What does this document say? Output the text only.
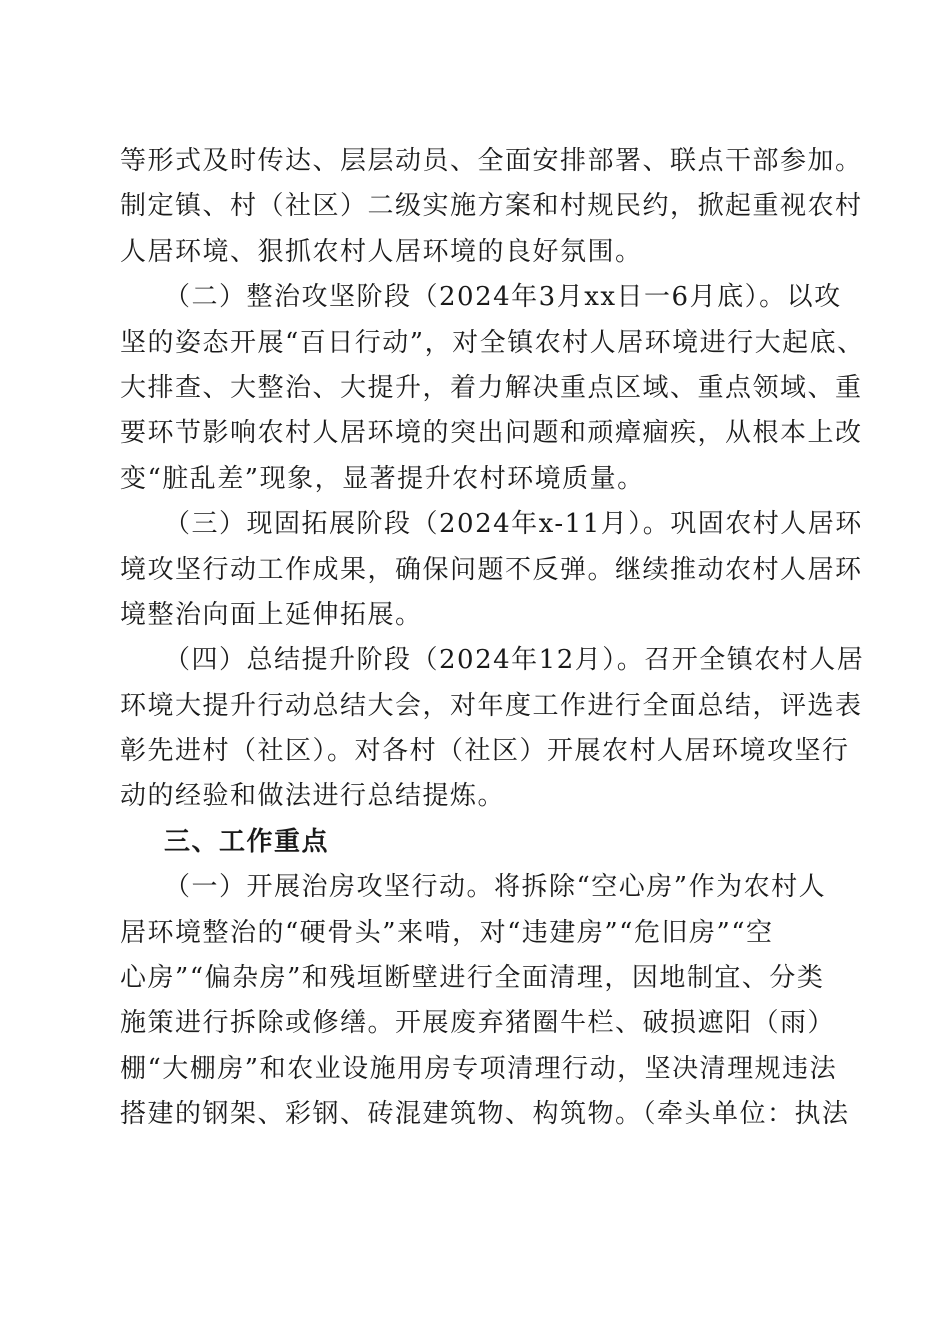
等形式及时传达、层层动员、全面安排部署、联点干部参加。
制定镇、村（社区）二级实施方案和村规民约，掀起重视农村
人居环境、狠抓农村人居环境的良好氛围。
（二）整治攻坚阶段（2024年3月xx日一6月底）。以攻
坚的姿态开展“百日行动”，对全镇农村人居环境进行大起底、
大排查、大整治、大提升，着力解决重点区域、重点领域、重
要环节影响农村人居环境的突出问题和顽瘴痼疾，从根本上改
变“脏乱差”现象，显著提升农村环境质量。
（三）现固拓展阶段（2024年x-11月）。巩固农村人居环
境攻坚行动工作成果，确保问题不反弹。继续推动农村人居环
境整治向面上延伸拓展。
（四）总结提升阶段（2024年12月）。召开全镇农村人居
环境大提升行动总结大会，对年度工作进行全面总结，评选表
彰先进村（社区）。对各村（社区）开展农村人居环境攻坚行
动的经验和做法进行总结提炼。
三、工作重点
（一）开展治房攻坚行动。将拆除“空心房”作为农村人
居环境整治的“硬骨头”来啃，对“违建房”“危旧房”“空
心房”“偏杂房”和残垣断壁进行全面清理，因地制宜、分类
施策进行拆除或修缮。开展废弃猪圈牛栏、破损遮阳（雨）
棚“大棚房”和农业设施用房专项清理行动，坚决清理规违法
搭建的钢架、彩钢、砖混建筑物、构筑物。（牵头单位：执法
